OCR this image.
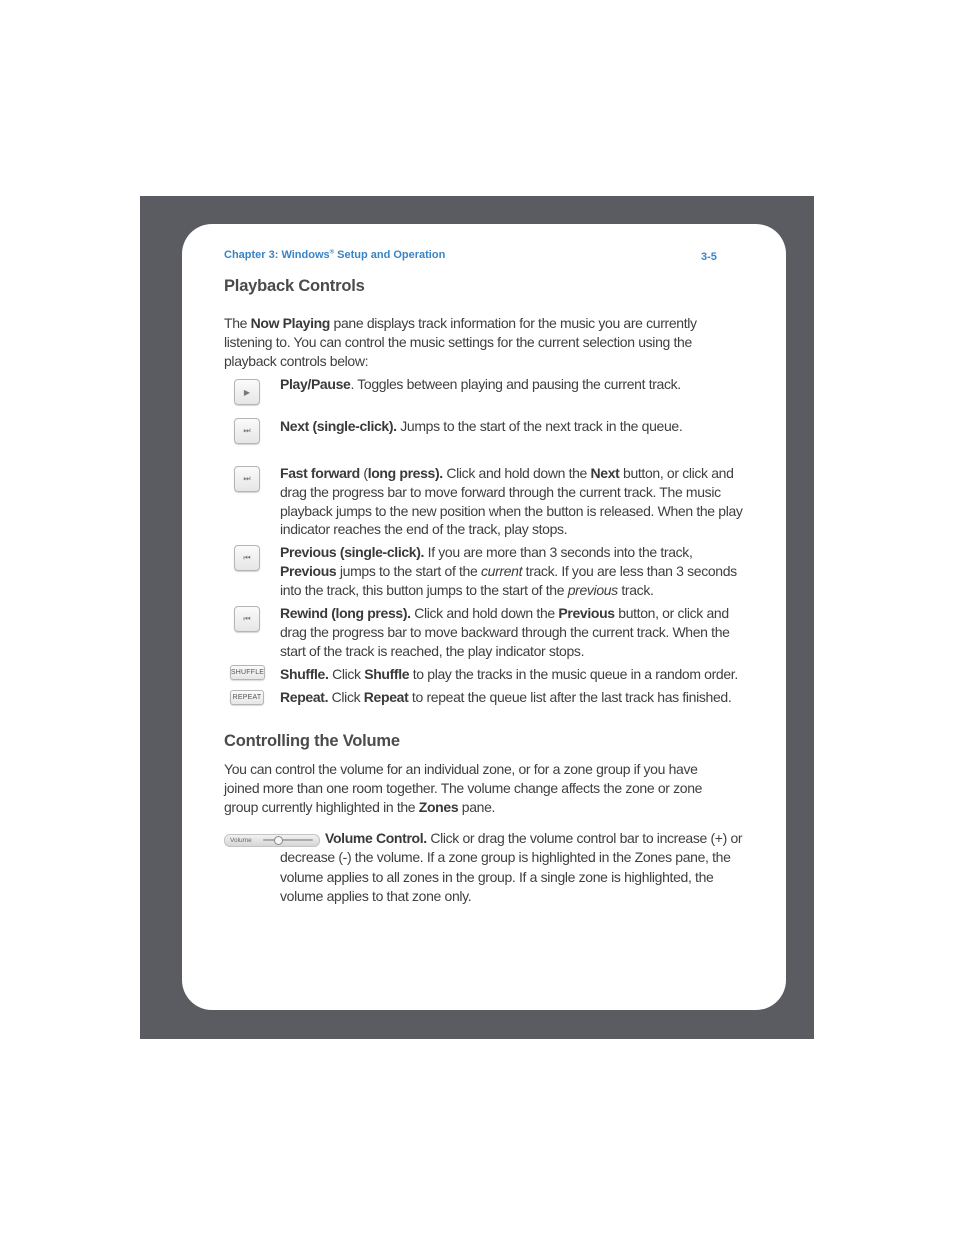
Chapter 3: Windows® Setup and Operation	3-5
Playback Controls

The Now Playing pane displays track information for the music you are currently listening to. You can control the music settings for the current selection using the playback controls below:

▶	Play/Pause. Toggles between playing and pausing the current track.

⏭	Next (single-click). Jumps to the start of the next track in the queue.

⏭	Fast forward (long press). Click and hold down the Next button, or click and drag the progress bar to move forward through the current track. The music playback jumps to the new position when the button is released. When the play indicator reaches the end of the track, play stops.

⏮	Previous (single-click). If you are more than 3 seconds into the track, Previous jumps to the start of the current track. If you are less than 3 seconds into the track, this button jumps to the start of the previous track.

⏮	Rewind (long press). Click and hold down the Previous button, or click and drag the progress bar to move backward through the current track. When the start of the track is reached, the play indicator stops.

SHUFFLE Shuffle. Click Shuffle to play the tracks in the music queue in a random order.

REPEAT Repeat. Click Repeat to repeat the queue list after the last track has finished.

Controlling the Volume

You can control the volume for an individual zone, or for a zone group if you have joined more than one room together. The volume change affects the zone or zone group currently highlighted in the Zones pane.

Volume	Volume Control. Click or drag the volume control bar to increase (+) or decrease (-) the volume. If a zone group is highlighted in the Zones pane, the volume applies to all zones in the group. If a single zone is highlighted, the volume applies to that zone only.
